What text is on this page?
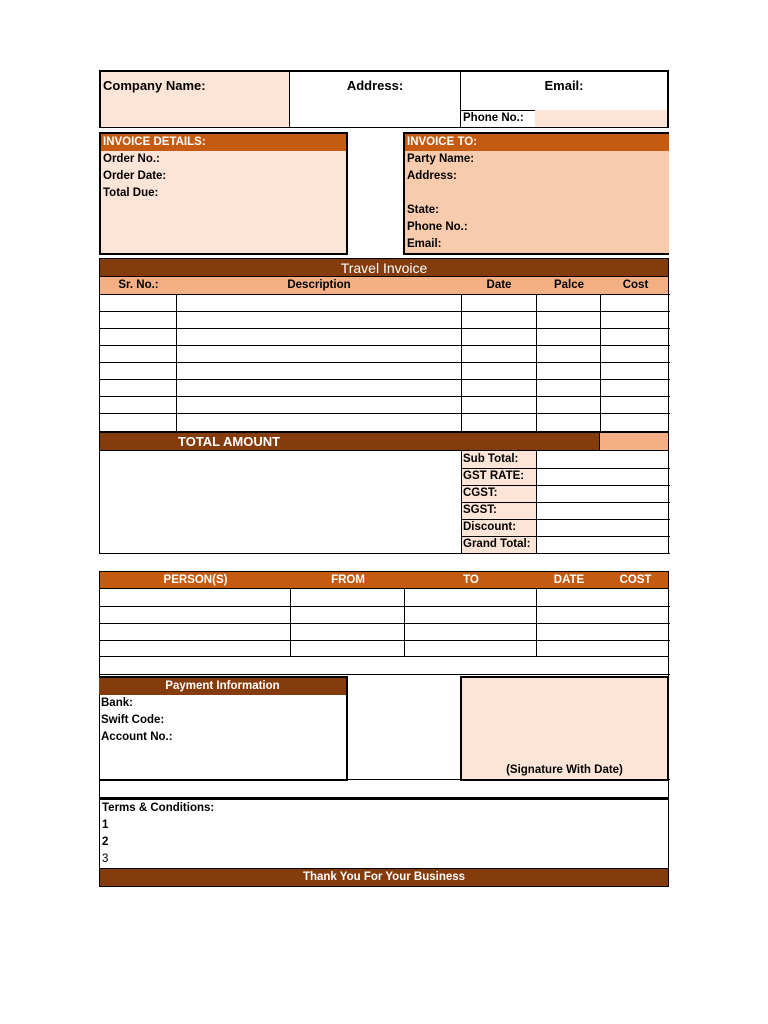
Company Name:	Address:	Email:
Phone No.:
INVOICE DETAILS:
Order No.:
Order Date:
Total Due:
INVOICE TO:
Party Name:
Address:
State:
Phone No.:
Email:
Travel Invoice
Sr. No.:	Description	Date	Palce	Cost
TOTAL AMOUNT
Sub Total:
GST RATE:
CGST:
SGST:
Discount:
Grand Total:
PERSON(S)	FROM	TO	DATE	COST
Payment Information
Bank:
Swift Code:
Account No.:
(Signature With Date)
Terms & Conditions:
1
2
3
Thank You For Your Business
